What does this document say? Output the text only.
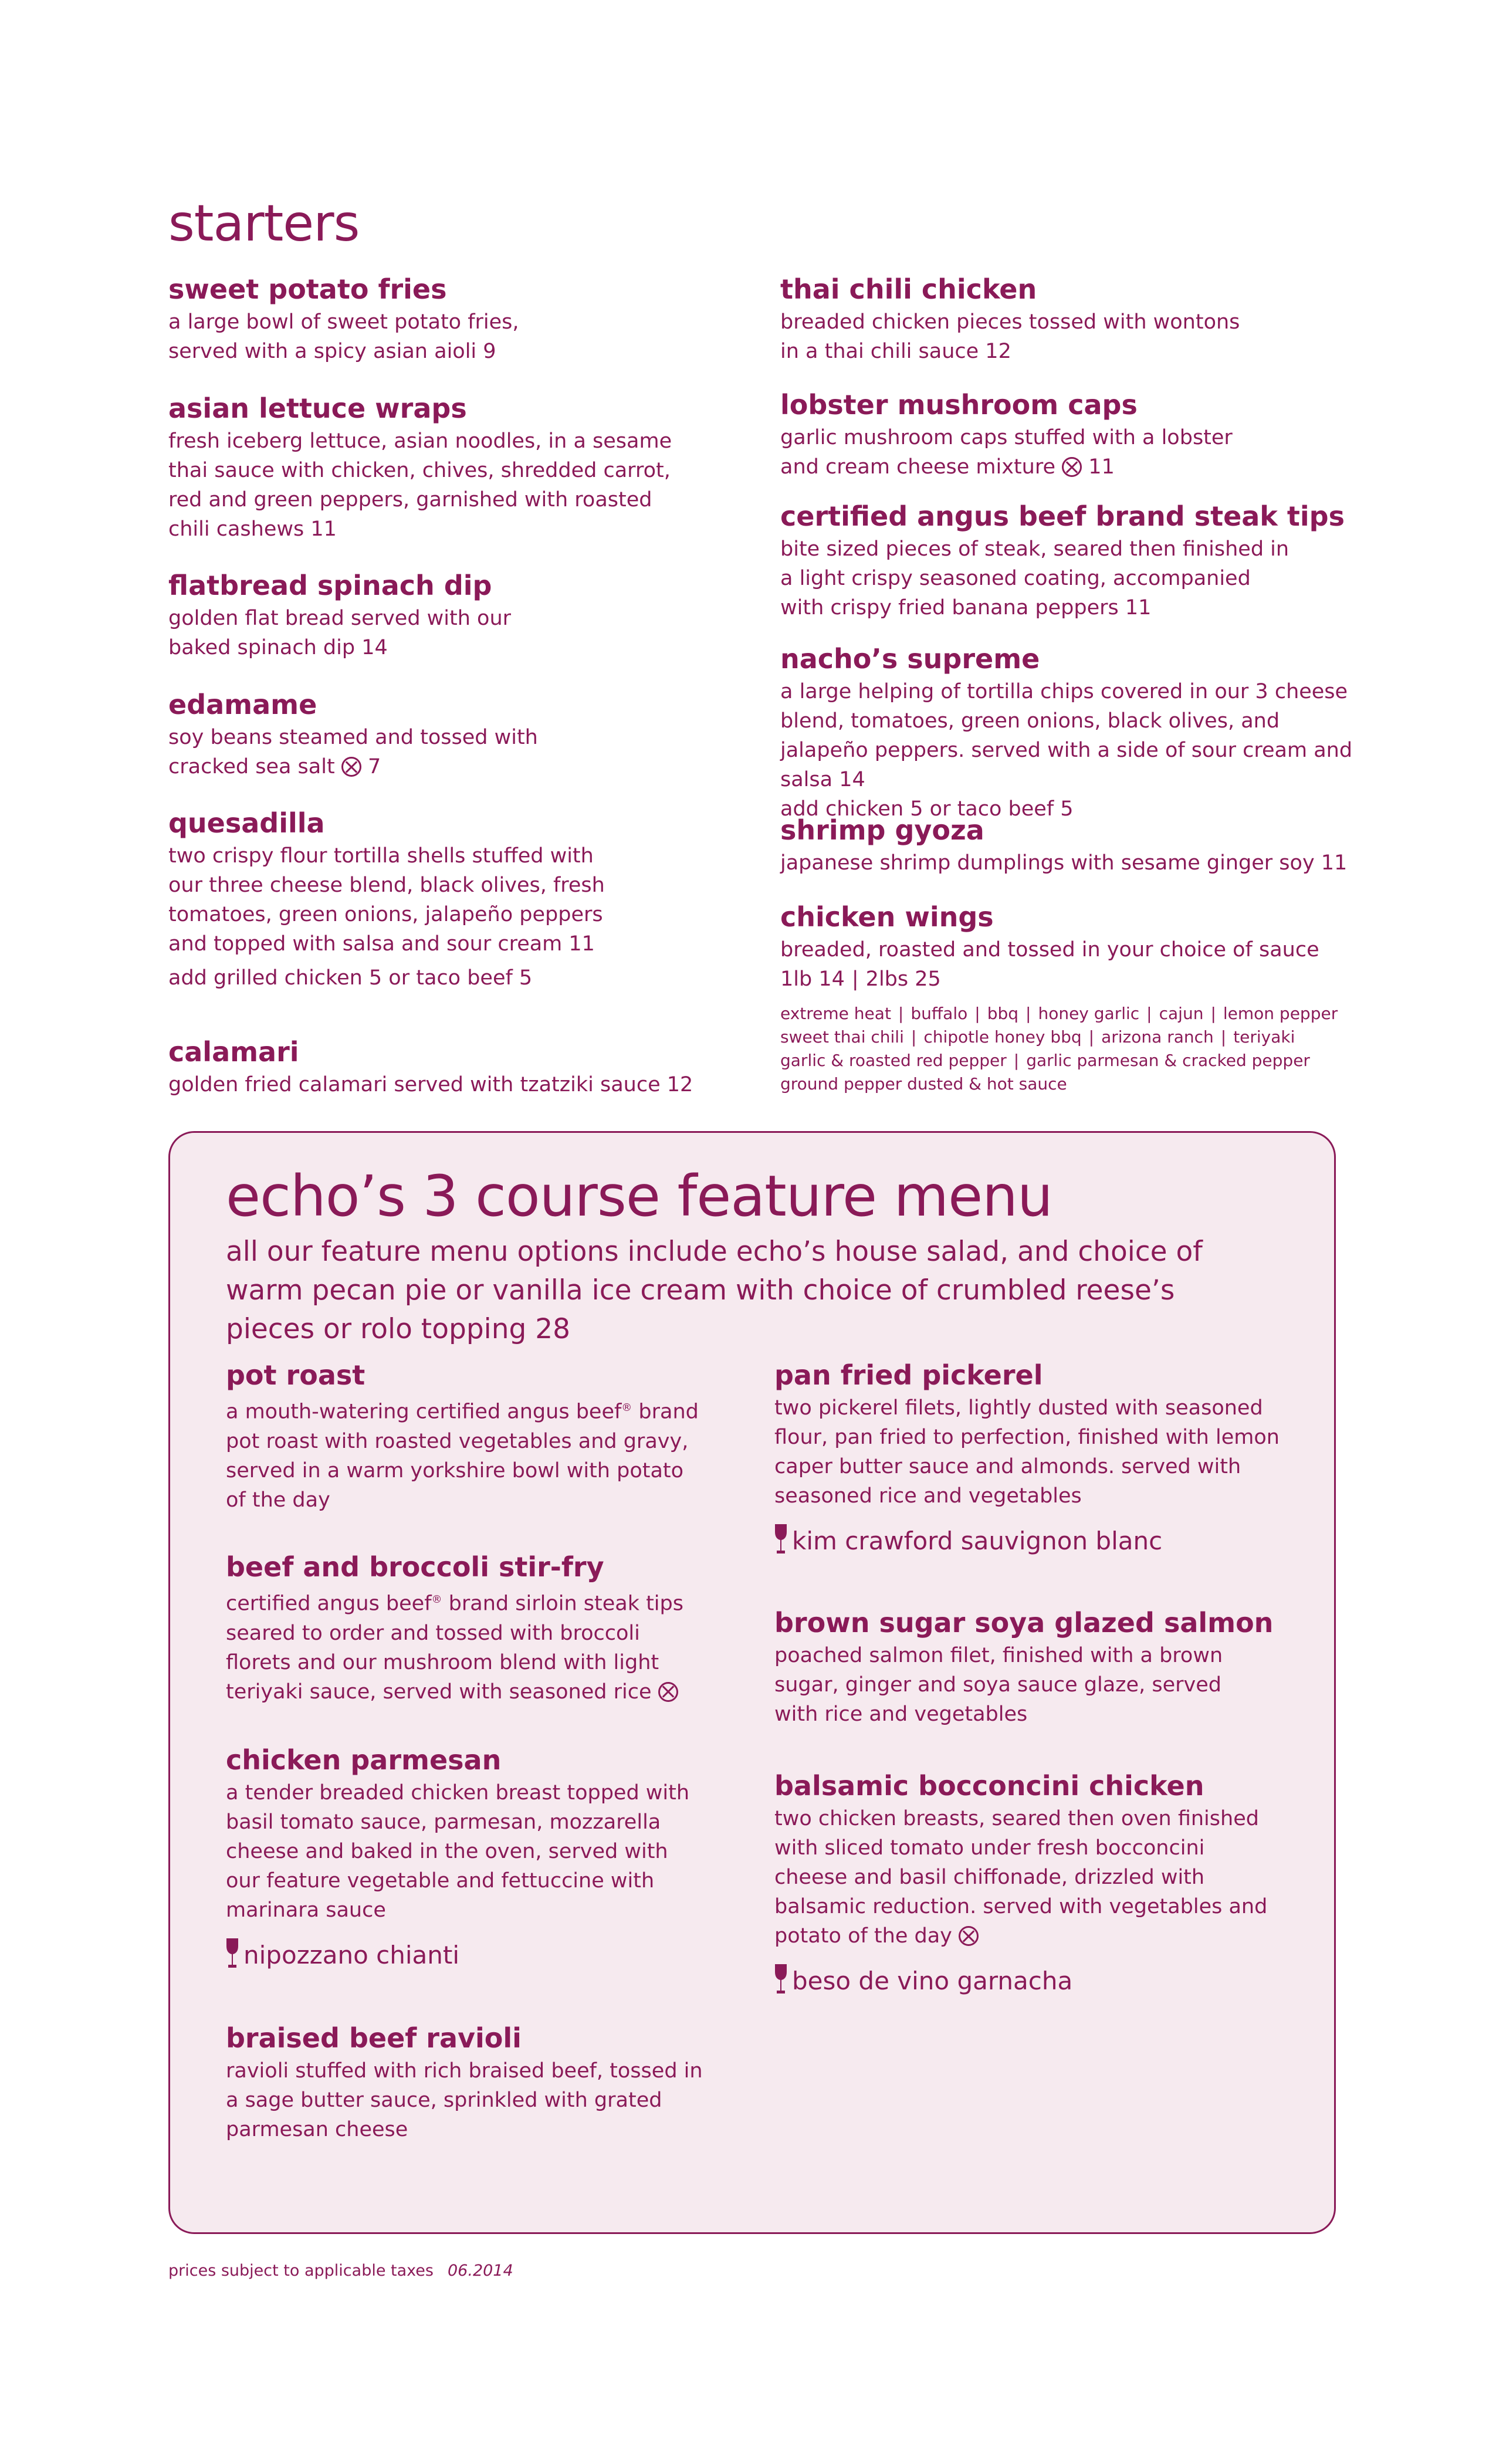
starters
sweet potato fries
a large bowl of sweet potato fries, served with a spicy asian aioli 9
asian lettuce wraps
fresh iceberg lettuce, asian noodles, in a sesame thai sauce with chicken, chives, shredded carrot, red and green peppers, garnished with roasted chili cashews 11
flatbread spinach dip
golden flat bread served with our baked spinach dip 14
edamame
soy beans steamed and tossed with cracked sea salt 7
quesadilla
two crispy flour tortilla shells stuffed with our three cheese blend, black olives, fresh tomatoes, green onions, jalapeño peppers and topped with salsa and sour cream 11
add grilled chicken 5 or taco beef 5
calamari
golden fried calamari served with tzatziki sauce 12
thai chili chicken
breaded chicken pieces tossed with wontons in a thai chili sauce 12
lobster mushroom caps
garlic mushroom caps stuffed with a lobster and cream cheese mixture 11
certified angus beef brand steak tips
bite sized pieces of steak, seared then finished in a light crispy seasoned coating, accompanied with crispy fried banana peppers 11
nacho’s supreme
a large helping of tortilla chips covered in our 3 cheese blend, tomatoes, green onions, black olives, and jalapeño peppers. served with a side of sour cream and salsa 14
add chicken 5 or taco beef 5
shrimp gyoza
japanese shrimp dumplings with sesame ginger soy 11
chicken wings
breaded, roasted and tossed in your choice of sauce
1lb 14 | 2lbs 25
extreme heat | buffalo | bbq | honey garlic | cajun | lemon pepper
sweet thai chili | chipotle honey bbq | arizona ranch | teriyaki
garlic & roasted red pepper | garlic parmesan & cracked pepper
ground pepper dusted & hot sauce
echo’s 3 course feature menu
all our feature menu options include echo’s house salad, and choice of warm pecan pie or vanilla ice cream with choice of crumbled reese’s pieces or rolo topping 28
pot roast
a mouth-watering certified angus beef® brand pot roast with roasted vegetables and gravy, served in a warm yorkshire bowl with potato of the day
beef and broccoli stir-fry
certified angus beef® brand sirloin steak tips seared to order and tossed with broccoli florets and our mushroom blend with light teriyaki sauce, served with seasoned rice
chicken parmesan
a tender breaded chicken breast topped with basil tomato sauce, parmesan, mozzarella cheese and baked in the oven, served with our feature vegetable and fettuccine with marinara sauce
nipozzano chianti
braised beef ravioli
ravioli stuffed with rich braised beef, tossed in a sage butter sauce, sprinkled with grated parmesan cheese
pan fried pickerel
two pickerel filets, lightly dusted with seasoned flour, pan fried to perfection, finished with lemon caper butter sauce and almonds. served with seasoned rice and vegetables
kim crawford sauvignon blanc
brown sugar soya glazed salmon
poached salmon filet, finished with a brown sugar, ginger and soya sauce glaze, served with rice and vegetables
balsamic bocconcini chicken
two chicken breasts, seared then oven finished with sliced tomato under fresh bocconcini cheese and basil chiffonade, drizzled with balsamic reduction. served with vegetables and potato of the day
beso de vino garnacha
prices subject to applicable taxes 06.2014
